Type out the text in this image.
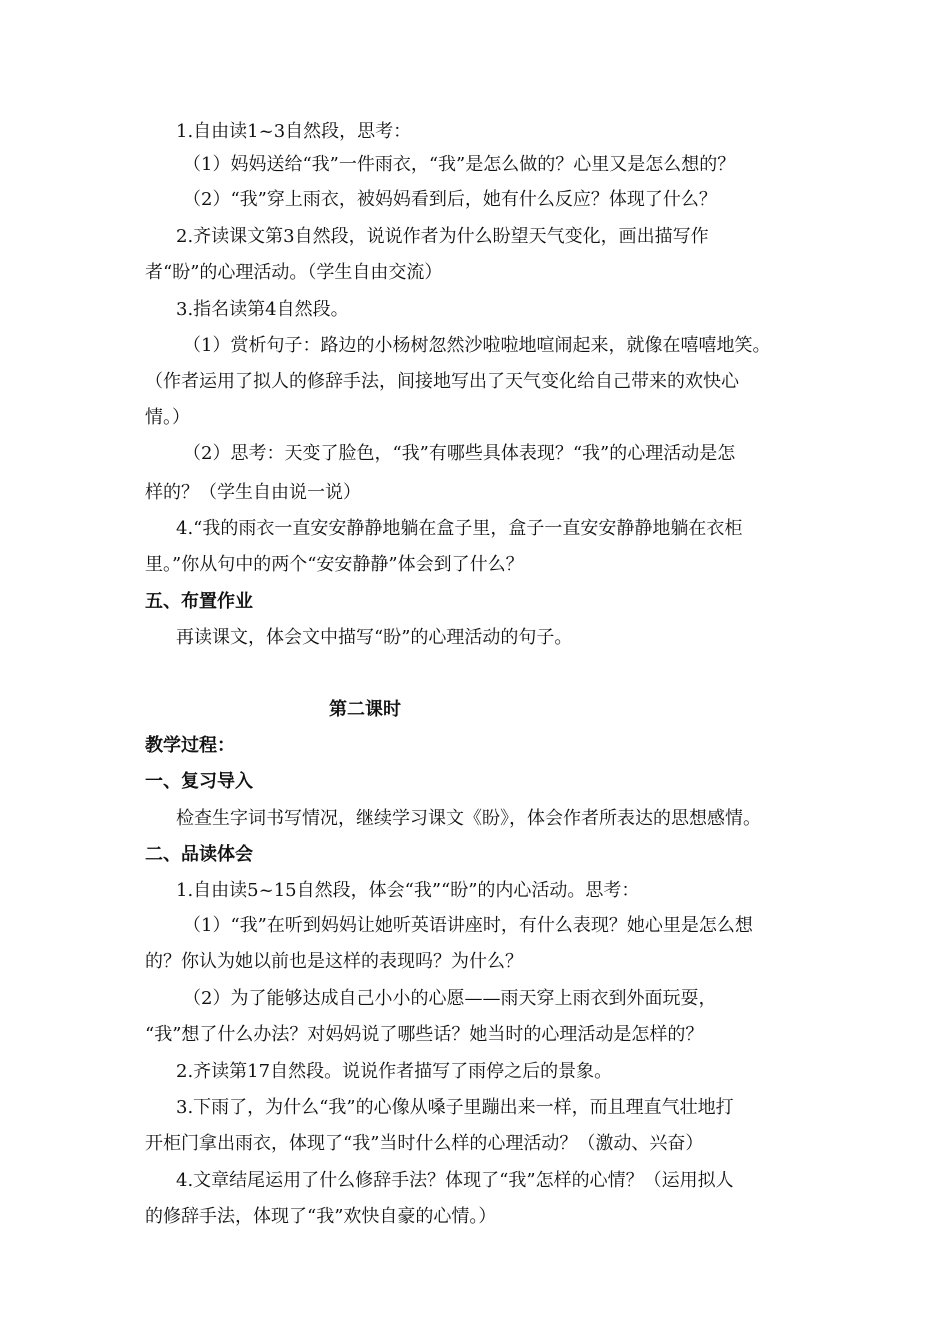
1.自由读1~3自然段，思考：
（1）妈妈送给“我”一件雨衣，“我”是怎么做的？心里又是怎么想的？
（2）“我”穿上雨衣，被妈妈看到后，她有什么反应？体现了什么？
2.齐读课文第3自然段，说说作者为什么盼望天气变化，画出描写作
者“盼”的心理活动。（学生自由交流）
3.指名读第4自然段。
（1）赏析句子：路边的小杨树忽然沙啦啦地喧闹起来，就像在嘻嘻地笑。
（作者运用了拟人的修辞手法，间接地写出了天气变化给自己带来的欢快心
情。）
（2）思考：天变了脸色，“我”有哪些具体表现？“我”的心理活动是怎
样的？（学生自由说一说）
4.“我的雨衣一直安安静静地躺在盒子里，盒子一直安安静静地躺在衣柜
里。”你从句中的两个“安安静静”体会到了什么？
五、布置作业
再读课文，体会文中描写“盼”的心理活动的句子。
第二课时
教学过程：
一、复习导入
检查生字词书写情况，继续学习课文《盼》，体会作者所表达的思想感情。
二、品读体会
1.自由读5~15自然段，体会“我”“盼”的内心活动。思考：
（1）“我”在听到妈妈让她听英语讲座时，有什么表现？她心里是怎么想
的？你认为她以前也是这样的表现吗？为什么？
（2）为了能够达成自己小小的心愿——雨天穿上雨衣到外面玩耍，
“我”想了什么办法？对妈妈说了哪些话？她当时的心理活动是怎样的？
2.齐读第17自然段。说说作者描写了雨停之后的景象。
3.下雨了，为什么“我”的心像从嗓子里蹦出来一样，而且理直气壮地打
开柜门拿出雨衣，体现了“我”当时什么样的心理活动？（激动、兴奋）
4.文章结尾运用了什么修辞手法？体现了“我”怎样的心情？（运用拟人
的修辞手法，体现了“我”欢快自豪的心情。）
